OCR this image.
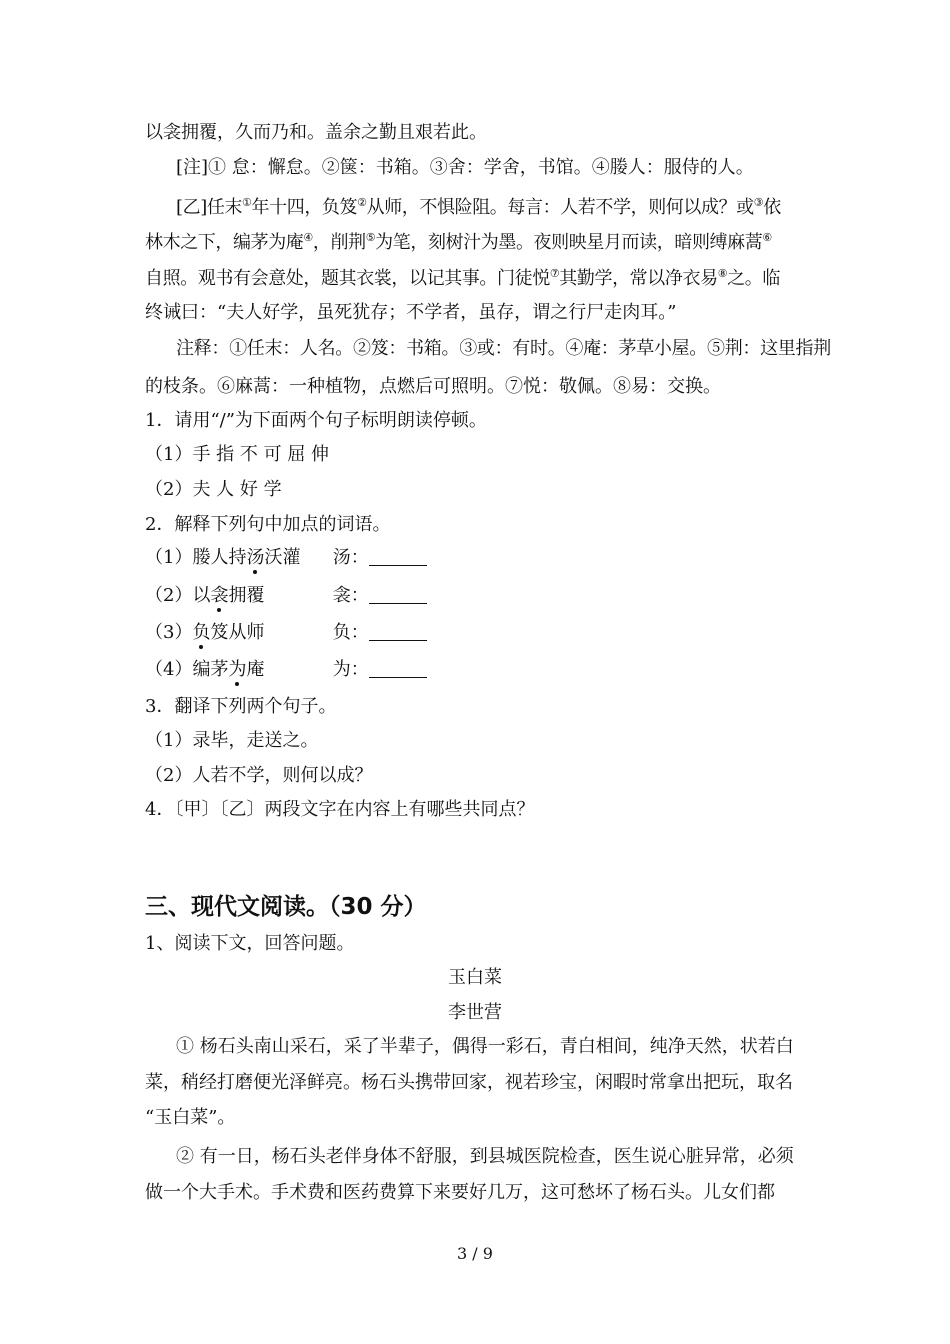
以衾拥覆，久而乃和。盖余之勤且艰若此。
[注]① 怠：懈怠。②箧：书箱。③舍：学舍，书馆。④媵人：服侍的人。
[乙]任末①年十四，负笈②从师，不惧险阻。每言：人若不学，则何以成？或③依
林木之下，编茅为庵④，削荆⑤为笔，刻树汁为墨。夜则映星月而读，暗则缚麻蒿⑥
自照。观书有会意处，题其衣裳，以记其事。门徒悦⑦其勤学，常以净衣易⑧之。临
终诫曰：“夫人好学，虽死犹存；不学者，虽存，谓之行尸走肉耳。”
注释：①任末：人名。②笈：书箱。③或：有时。④庵：茅草小屋。⑤荆：这里指荆
的枝条。⑥麻蒿：一种植物，点燃后可照明。⑦悦：敬佩。⑧易：交换。
1．请用“/”为下面两个句子标明朗读停顿。
（1）手 指 不 可 屈 伸
（2）夫 人 好 学
2．解释下列句中加点的词语。
（1）媵人持汤沃灌 汤：
（2）以衾拥覆	衾：
（3）负笈从师	负：
（4）编茅为庵	为：
3．翻译下列两个句子。
（1）录毕，走送之。
（2）人若不学，则何以成？
4．〔甲〕〔乙〕两段文字在内容上有哪些共同点？
三、现代文阅读。（30 分）
1、阅读下文，回答问题。
玉白菜
李世营
① 杨石头南山采石，采了半辈子，偶得一彩石，青白相间，纯净天然，状若白
菜，稍经打磨便光泽鲜亮。杨石头携带回家，视若珍宝，闲暇时常拿出把玩，取名
“玉白菜”。
② 有一日，杨石头老伴身体不舒服，到县城医院检查，医生说心脏异常，必须
做一个大手术。手术费和医药费算下来要好几万，这可愁坏了杨石头。儿女们都
3 / 9
